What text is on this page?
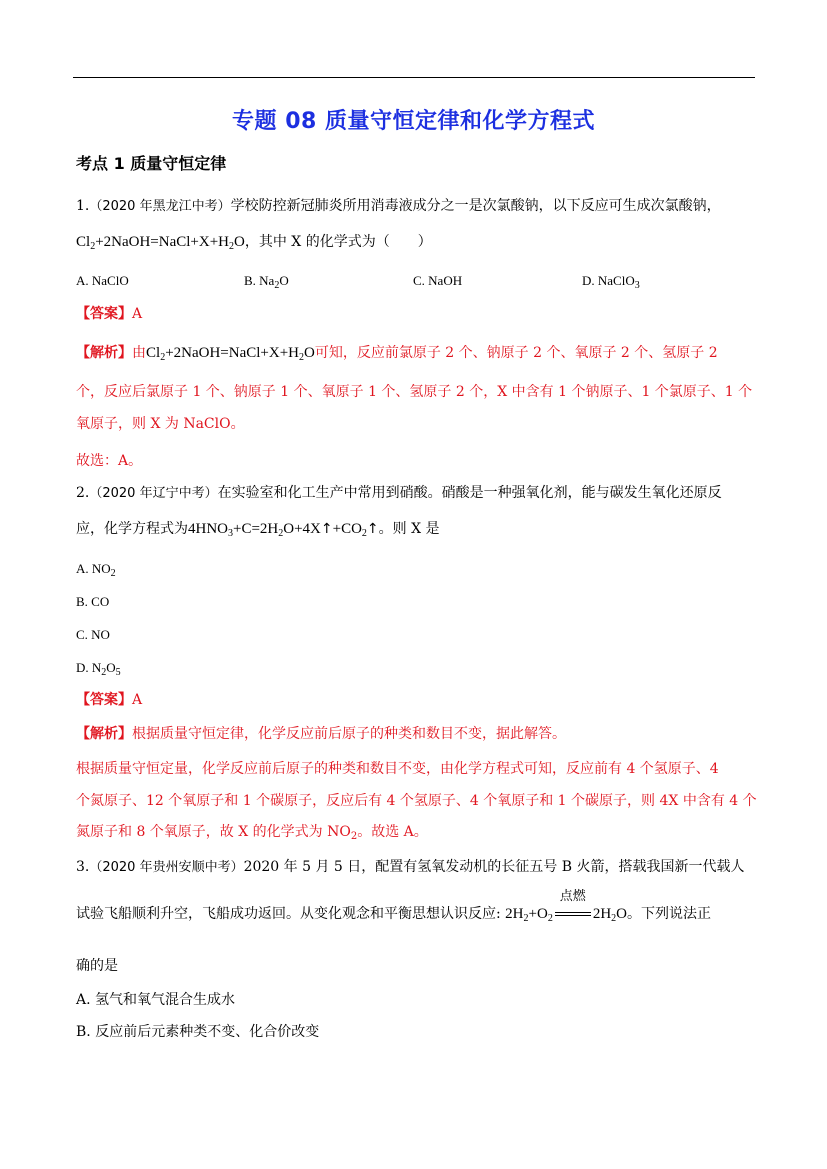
专题 08 质量守恒定律和化学方程式
考点 1 质量守恒定律
1.（2020 年黑龙江中考）学校防控新冠肺炎所用消毒液成分之一是次氯酸钠，以下反应可生成次氯酸钠，
$Cl_2+2NaOH=NaCl+X+H_2O$，其中 X 的化学式为（　　）
A. NaClO	B. $Na_2O$	C. NaOH	D. NaClO$_3$
【答案】A
【解析】由$Cl_2+2NaOH=NaCl+X+H_2O$可知，反应前氯原子 2 个、钠原子 2 个、氧原子 2 个、氢原子 2
个，反应后氯原子 1 个、钠原子 1 个、氧原子 1 个、氢原子 2 个，X 中含有 1 个钠原子、1 个氯原子、1 个
氧原子，则 X 为 NaClO。
故选：A。
2.（2020 年辽宁中考）在实验室和化工生产中常用到硝酸。硝酸是一种强氧化剂，能与碳发生氧化还原反
应，化学方程式为$4HNO_3+C=2H_2O+4X↑+CO_2↑$。则 X 是
A. $NO_2$
B. CO
C. NO
D. $N_2O_5$
【答案】A
【解析】根据质量守恒定律，化学反应前后原子的种类和数目不变，据此解答。
根据质量守恒定量，化学反应前后原子的种类和数目不变，由化学方程式可知，反应前有 4 个氢原子、4
个氮原子、12 个氧原子和 1 个碳原子，反应后有 4 个氢原子、4 个氧原子和 1 个碳原子，则 4X 中含有 4 个
氮原子和 8 个氧原子，故 X 的化学式为 $NO_2$。故选 A。
3.（2020 年贵州安顺中考）2020 年 5 月 5 日，配置有氢氧发动机的长征五号 B 火箭，搭载我国新一代载人
试验飞船顺利升空，飞船成功返回。从变化观念和平衡思想认识反应: $2H_2+O_2$
点燃
$2H_2O$。下列说法正
确的是
A. 氢气和氧气混合生成水
B. 反应前后元素种类不变、化合价改变
